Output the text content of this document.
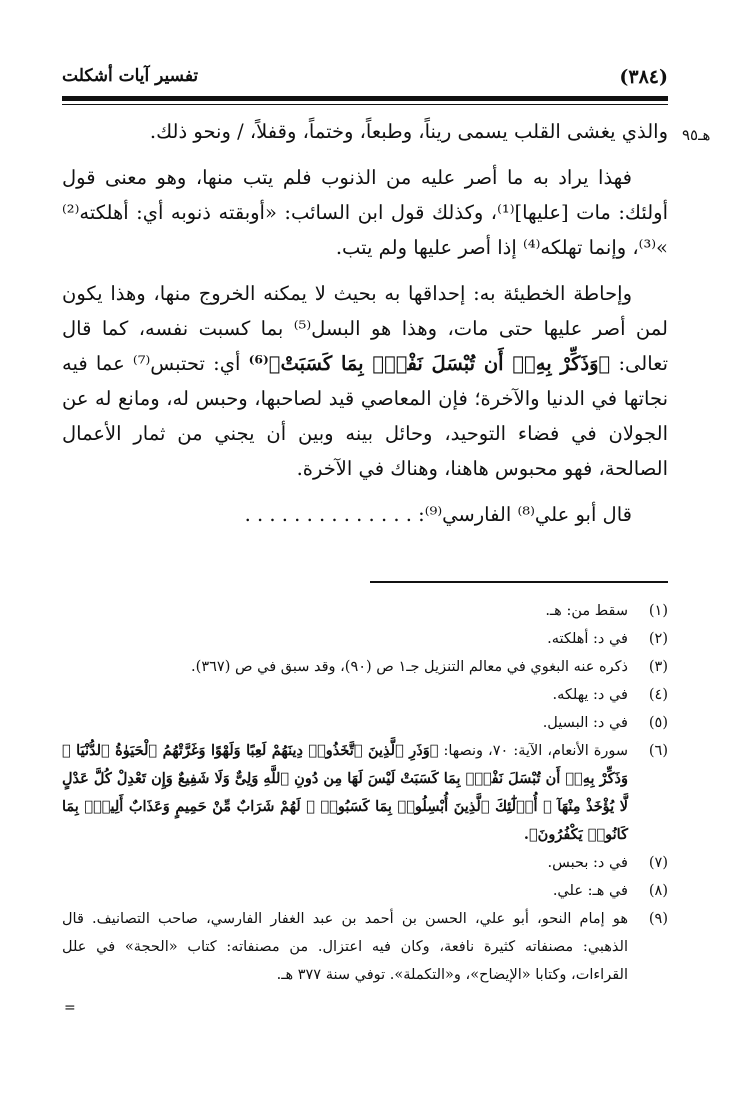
(٣٨٤)
تفسير آيات أشكلت
هـ٩٥

والذي يغشى القلب يسمى ريناً، وطبعاً، وختماً، وقفلاً، / ونحو ذلك.

فهذا يراد به ما أصر عليه من الذنوب فلم يتب منها، وهو معنى قول أولئك: مات [عليها]⁽¹⁾، وكذلك قول ابن السائب: «أوبقته ذنوبه أي: أهلكته⁽²⁾ »⁽³⁾، وإنما تهلكه⁽⁴⁾ إذا أصر عليها ولم يتب.

وإحاطة الخطيئة به: إحداقها به بحيث لا يمكنه الخروج منها، وهذا يكون لمن أصر عليها حتى مات، وهذا هو البسل⁽⁵⁾ بما كسبت نفسه، كما قال تعالى: ﴿وَذَكِّرْ بِهِۦٓ أَن تُبْسَلَ نَفْسٌۢ بِمَا كَسَبَتْ﴾⁽⁶⁾ أي: تحتبس⁽⁷⁾ عما فيه نجاتها في الدنيا والآخرة؛ فإن المعاصي قيد لصاحبها، وحبس له، ومانع له عن الجولان في فضاء التوحيد، وحائل بينه وبين أن يجني من ثمار الأعمال الصالحة، فهو محبوس هاهنا، وهناك في الآخرة.

قال أبو علي⁽⁸⁾ الفارسي⁽⁹⁾: . . . . . . . . . . . . . .

(١)
سقط من: هـ.
(٢)
في د: أهلكته.
(٣)
ذكره عنه البغوي في معالم التنزيل جـ١ ص (٩٠)، وقد سبق في ص (٣٦٧).
(٤)
في د: يهلكه.
(٥)
في د: البسيل.
(٦)
سورة الأنعام، الآية: ٧٠، ونصها: ﴿وَذَرِ ٱلَّذِينَ ٱتَّخَذُوا۟ دِينَهُمْ لَعِبًا وَلَهْوًا وَغَرَّتْهُمُ ٱلْحَيَوٰةُ ٱلدُّنْيَا ۚ وَذَكِّرْ بِهِۦٓ أَن تُبْسَلَ نَفْسٌۢ بِمَا كَسَبَتْ لَيْسَ لَهَا مِن دُونِ ٱللَّهِ وَلِىٌّ وَلَا شَفِيعٌ وَإِن تَعْدِلْ كُلَّ عَدْلٍ لَّا يُؤْخَذْ مِنْهَآ ۗ أُو۟لَٰٓئِكَ ٱلَّذِينَ أُبْسِلُوا۟ بِمَا كَسَبُوا۟ ۖ لَهُمْ شَرَابٌ مِّنْ حَمِيمٍ وَعَذَابٌ أَلِيمٌۢ بِمَا كَانُوا۟ يَكْفُرُونَ﴾.
(٧)
في د: بحبس.
(٨)
في هـ: علي.
(٩)
هو إمام النحو، أبو علي، الحسن بن أحمد بن عبد الغفار الفارسي، صاحب التصانيف. قال الذهبي: مصنفاته كثيرة نافعة، وكان فيه اعتزال. من مصنفاته: كتاب «الحجة» في علل القراءات، وكتابا «الإيضاح»، و«التكملة». توفي سنة ٣٧٧ هـ.
=
